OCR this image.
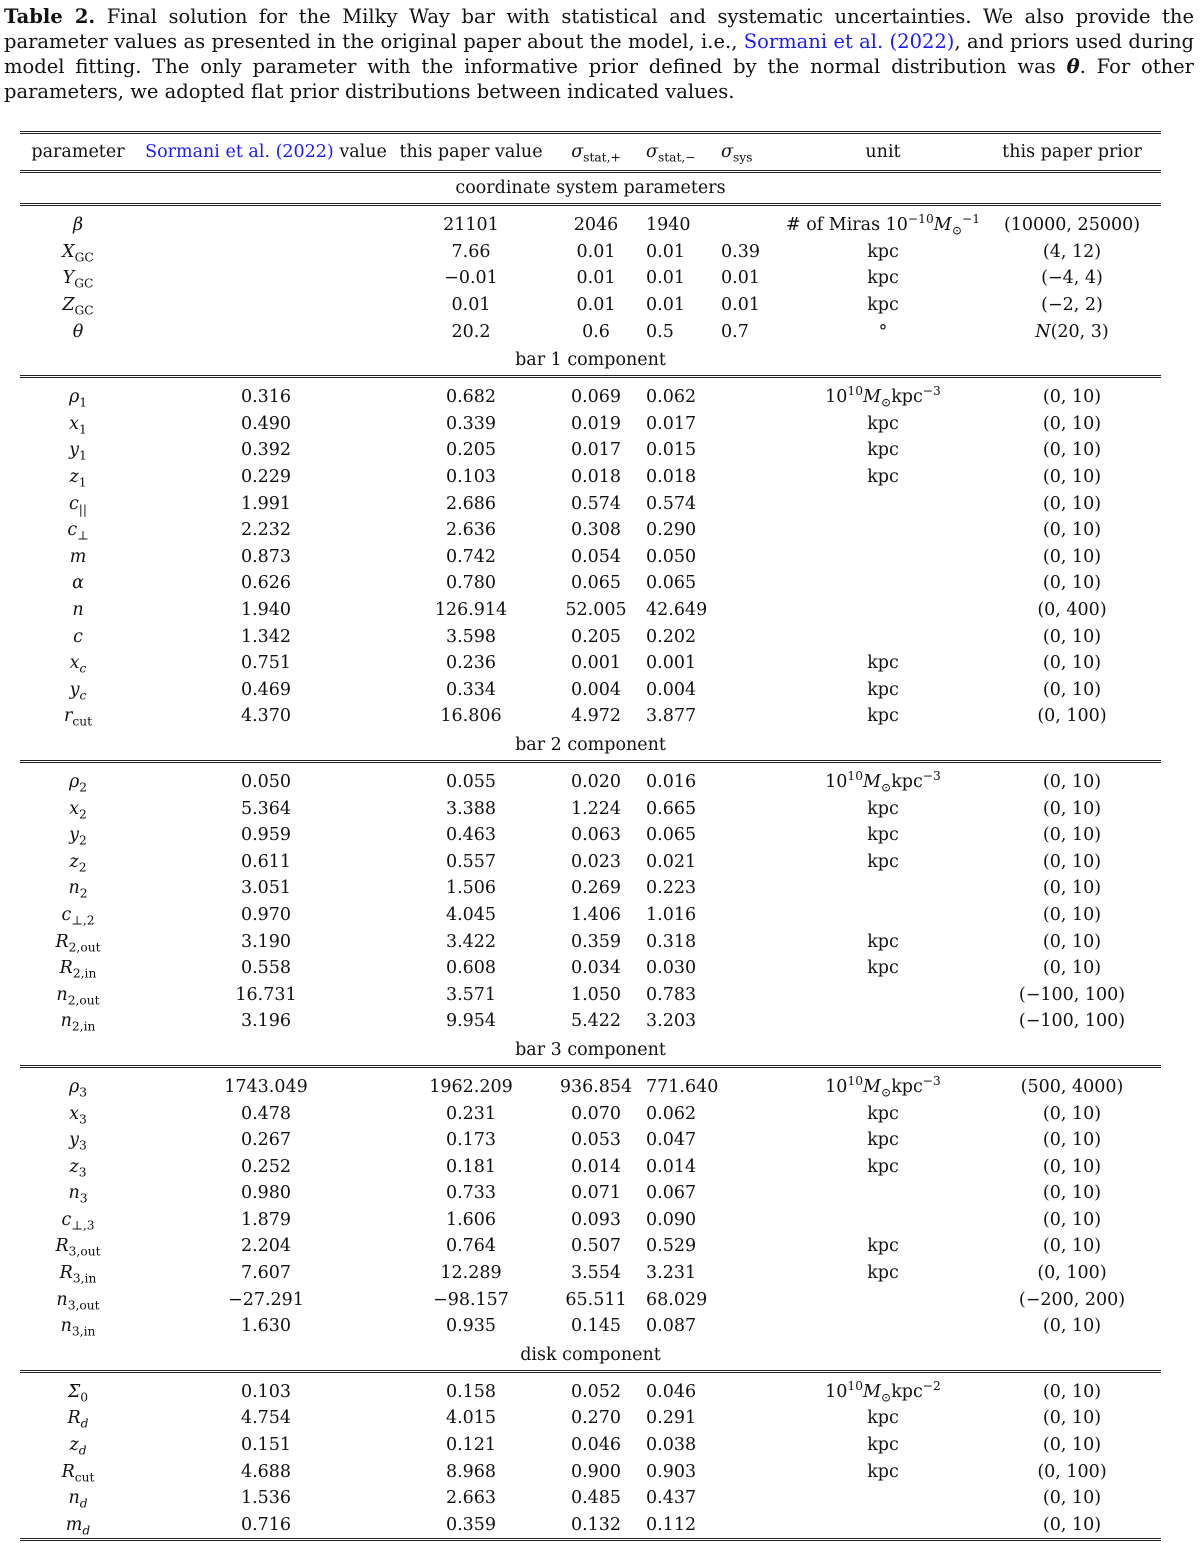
Table 2. Final solution for the Milky Way bar with statistical and systematic uncertainties. We also provide the parameter values as presented in the original paper about the model, i.e., Sormani et al. (2022), and priors used during model fitting. The only parameter with the informative prior defined by the normal distribution was θ. For other parameters, we adopted flat prior distributions between indicated values.
parameter	Sormani et al. (2022) value	this paper value	$\sigma_{stat,+}$	$\sigma_{stat,-}$	$\sigma_{sys}$	unit	this paper prior
coordinate system parameters							
β		21101	2046	1940		# of Miras $10^{-10}M_⊙^{-1}$	(10000, 25000)
$X_{GC}$		7.66	0.01	0.01	0.39	kpc	(4, 12)
$Y_{GC}$		−0.01	0.01	0.01	0.01	kpc	(−4, 4)
$Z_{GC}$		0.01	0.01	0.01	0.01	kpc	(−2, 2)
θ		20.2	0.6	0.5	0.7	°	N(20, 3)
bar 1 component							
$\rho_1$	0.316	0.682	0.069	0.062		$10^{10}M_⊙kpc^{-3}$	(0, 10)
$x_1$	0.490	0.339	0.019	0.017		kpc	(0, 10)
$y_1$	0.392	0.205	0.017	0.015		kpc	(0, 10)
$z_1$	0.229	0.103	0.018	0.018		kpc	(0, 10)
$c_{||}$	1.991	2.686	0.574	0.574			(0, 10)
$c_\perp$	2.232	2.636	0.308	0.290			(0, 10)
m	0.873	0.742	0.054	0.050			(0, 10)
α	0.626	0.780	0.065	0.065			(0, 10)
n	1.940	126.914	52.005	42.649			(0, 400)
c	1.342	3.598	0.205	0.202			(0, 10)
$x_c$	0.751	0.236	0.001	0.001		kpc	(0, 10)
$y_c$	0.469	0.334	0.004	0.004		kpc	(0, 10)
$r_{cut}$	4.370	16.806	4.972	3.877		kpc	(0, 100)
bar 2 component							
$\rho_2$	0.050	0.055	0.020	0.016		$10^{10}M_⊙kpc^{-3}$	(0, 10)
$x_2$	5.364	3.388	1.224	0.665		kpc	(0, 10)
$y_2$	0.959	0.463	0.063	0.065		kpc	(0, 10)
$z_2$	0.611	0.557	0.023	0.021		kpc	(0, 10)
$n_2$	3.051	1.506	0.269	0.223			(0, 10)
$c_{\perp,2}$	0.970	4.045	1.406	1.016			(0, 10)
$R_{2,out}$	3.190	3.422	0.359	0.318		kpc	(0, 10)
$R_{2,in}$	0.558	0.608	0.034	0.030		kpc	(0, 10)
$n_{2,out}$	16.731	3.571	1.050	0.783			(−100, 100)
$n_{2,in}$	3.196	9.954	5.422	3.203			(−100, 100)
bar 3 component							
$\rho_3$	1743.049	1962.209	936.854	771.640		$10^{10}M_⊙kpc^{-3}$	(500, 4000)
$x_3$	0.478	0.231	0.070	0.062		kpc	(0, 10)
$y_3$	0.267	0.173	0.053	0.047		kpc	(0, 10)
$z_3$	0.252	0.181	0.014	0.014		kpc	(0, 10)
$n_3$	0.980	0.733	0.071	0.067			(0, 10)
$c_{\perp,3}$	1.879	1.606	0.093	0.090			(0, 10)
$R_{3,out}$	2.204	0.764	0.507	0.529		kpc	(0, 10)
$R_{3,in}$	7.607	12.289	3.554	3.231		kpc	(0, 100)
$n_{3,out}$	−27.291	−98.157	65.511	68.029			(−200, 200)
$n_{3,in}$	1.630	0.935	0.145	0.087			(0, 10)
disk component							
$\Sigma_0$	0.103	0.158	0.052	0.046		$10^{10}M_⊙kpc^{-2}$	(0, 10)
$R_d$	4.754	4.015	0.270	0.291		kpc	(0, 10)
$z_d$	0.151	0.121	0.046	0.038		kpc	(0, 10)
$R_{cut}$	4.688	8.968	0.900	0.903		kpc	(0, 100)
$n_d$	1.536	2.663	0.485	0.437			(0, 10)
$m_d$	0.716	0.359	0.132	0.112			(0, 10)
